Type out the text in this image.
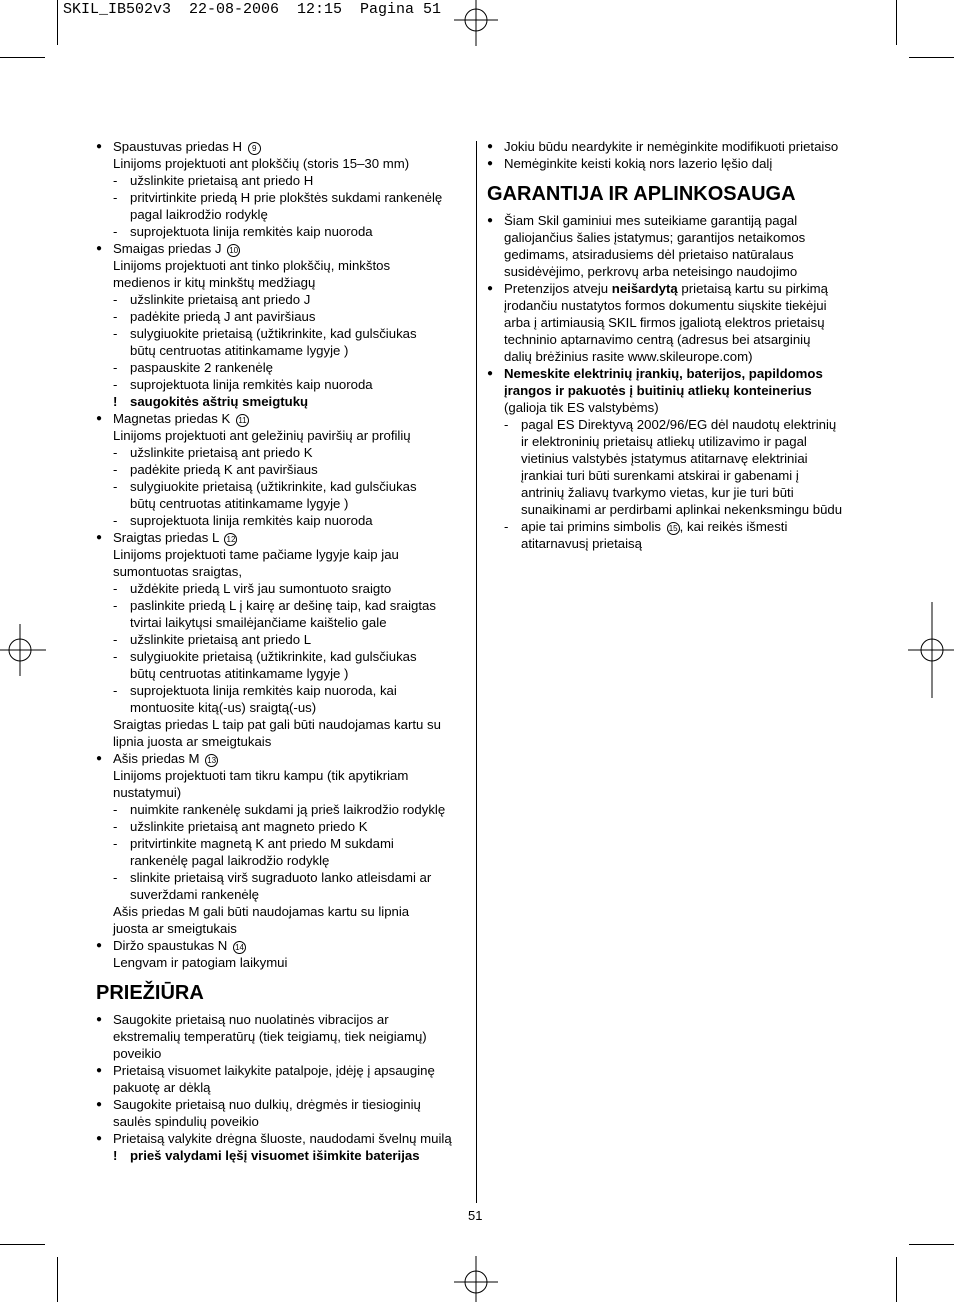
SKIL_IB502v3  22-08-2006  12:15  Pagina 51
● Spaustuvas priedas H 9
Linijoms projektuoti ant plokščių (storis 15–30 mm)
- užslinkite prietaisą ant priedo H
- pritvirtinkite priedą H prie plokštės sukdami rankenėlę
pagal laikrodžio rodyklę
- suprojektuota linija remkitės kaip nuoroda
● Smaigas priedas J 10
Linijoms projektuoti ant tinko plokščių, minkštos
medienos ir kitų minkštų medžiagų
- užslinkite prietaisą ant priedo J
- padėkite priedą J ant paviršiaus
- sulygiuokite prietaisą (užtikrinkite, kad gulsčiukas
būtų centruotas atitinkamame lygyje )
- paspauskite 2 rankenėlę
- suprojektuota linija remkitės kaip nuoroda
! saugokitės aštrių smeigtukų
● Magnetas priedas K 11
Linijoms projektuoti ant geležinių paviršių ar profilių
- užslinkite prietaisą ant priedo K
- padėkite priedą K ant paviršiaus
- sulygiuokite prietaisą (užtikrinkite, kad gulsčiukas
būtų centruotas atitinkamame lygyje )
- suprojektuota linija remkitės kaip nuoroda
● Sraigtas priedas L 12
Linijoms projektuoti tame pačiame lygyje kaip jau
sumontuotas sraigtas,
- uždėkite priedą L virš jau sumontuoto sraigto
- paslinkite priedą L į kairę ar dešinę taip, kad sraigtas
tvirtai laikytųsi smailėjančiame kaištelio gale
- užslinkite prietaisą ant priedo L
- sulygiuokite prietaisą (užtikrinkite, kad gulsčiukas
būtų centruotas atitinkamame lygyje )
- suprojektuota linija remkitės kaip nuoroda, kai
montuosite kitą(-us) sraigtą(-us)
Sraigtas priedas L taip pat gali būti naudojamas kartu su
lipnia juosta ar smeigtukais
● Ašis priedas M 13
Linijoms projektuoti tam tikru kampu (tik apytikriam
nustatymui)
- nuimkite rankenėlę sukdami ją prieš laikrodžio rodyklę
- užslinkite prietaisą ant magneto priedo K
- pritvirtinkite magnetą K ant priedo M sukdami
rankenėlę pagal laikrodžio rodyklę
- slinkite prietaisą virš sugraduoto lanko atleisdami ar
suverždami rankenėlę
Ašis priedas M gali būti naudojamas kartu su lipnia
juosta ar smeigtukais
● Diržo spaustukas N 14
Lengvam ir patogiam laikymui
PRIEŽIŪRA
● Saugokite prietaisą nuo nuolatinės vibracijos ar
ekstremalių temperatūrų (tiek teigiamų, tiek neigiamų)
poveikio
● Prietaisą visuomet laikykite patalpoje, įdėję į apsauginę
pakuotę ar dėklą
● Saugokite prietaisą nuo dulkių, drėgmės ir tiesioginių
saulės spindulių poveikio
● Prietaisą valykite drėgna šluoste, naudodami švelnų muilą
! prieš valydami lęšį visuomet išimkite baterijas
● Jokiu būdu neardykite ir nemėginkite modifikuoti prietaiso
● Nemėginkite keisti kokią nors lazerio lęšio dalį
GARANTIJA IR APLINKOSAUGA
● Šiam Skil gaminiui mes suteikiame garantiją pagal
galiojančius šalies įstatymus; garantijos netaikomos
gedimams, atsiradusiems dėl prietaiso natūralaus
susidėvėjimo, perkrovų arba neteisingo naudojimo
● Pretenzijos atveju neišardytą prietaisą kartu su pirkimą
įrodančiu nustatytos formos dokumentu siųskite tiekėjui
arba į artimiausią SKIL firmos įgaliotą elektros prietaisų
techninio aptarnavimo centrą (adresus bei atsarginių
dalių brėžinius rasite www.skileurope.com)
● Nemeskite elektrinių įrankių, baterijos, papildomos
įrangos ir pakuotės į buitinių atliekų konteinerius
(galioja tik ES valstybėms)
- pagal ES Direktyvą 2002/96/EG dėl naudotų elektrinių
ir elektroninių prietaisų atliekų utilizavimo ir pagal
vietinius valstybės įstatymus atitarnavę elektriniai
įrankiai turi būti surenkami atskirai ir gabenami į
antrinių žaliavų tvarkymo vietas, kur jie turi būti
sunaikinami ar perdirbami aplinkai nekenksmingu būdu
- apie tai primins simbolis 15 , kai reikės išmesti
atitarnavusį prietaisą
51
